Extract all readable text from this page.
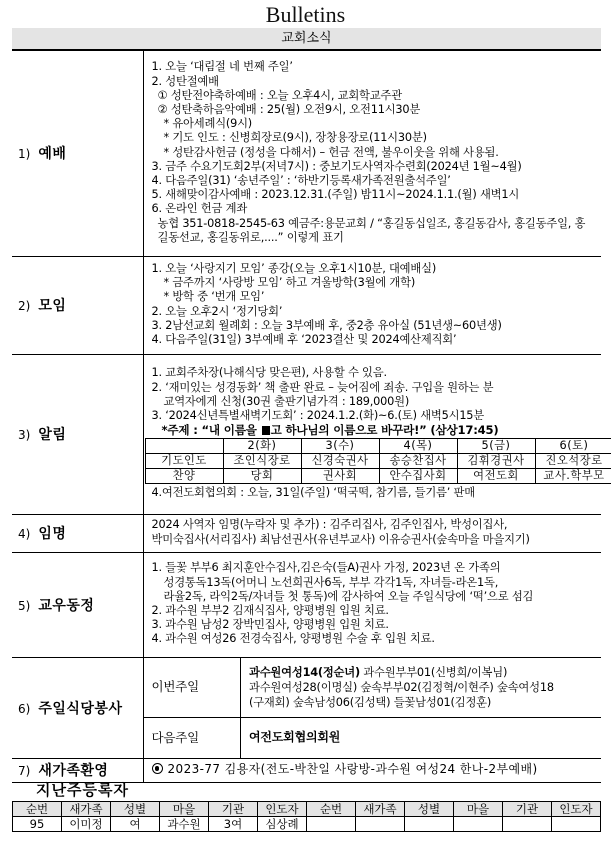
Bulletins
교회소식
1) 예배	
1. 오늘 ‘대림절 네 번째 주일’
2. 성탄절예배
① 성탄전야축하예배 : 오늘 오후4시, 교회학교주관
② 성탄축하음악예배 : 25(월) 오전9시, 오전11시30분
* 유아세례식(9시)
* 기도 인도 : 신병희장로(9시), 장창용장로(11시30분)
* 성탄감사헌금 (정성을 다해서) – 헌금 전액, 불우이웃을 위해 사용됨.
3. 금주 수요기도회2부(저녁7시) : 중보기도사역자수련회(2024년 1월~4월)
4. 다음주일(31) ‘송년주일’ : ‘하반기등록새가족전원출석주일’
5. 새해맞이감사예배 : 2023.12.31.(주일) 밤11시~2024.1.1.(월) 새벽1시
6. 온라인 헌금 계좌
농협 351-0818-2545-63 예금주:용문교회 / “홍길동십일조, 홍길동감사, 홍길동주일, 홍길동선교, 홍길동위로,....” 이렇게 표기

2) 모임	
1. 오늘 ‘사랑지기 모임’ 종강(오늘 오후1시10분, 대예배실)
* 금주까지 ‘사랑방 모임’ 하고 겨울방학(3월에 개학)
* 방학 중 ‘번개 모임’
2. 오늘 오후2시 ‘정기당회’
3. 2남선교회 월례회 : 오늘 3부예배 후, 중2층 유아실 (51년생~60년생)
4. 다음주일(31일) 3부예배 후 ‘2023결산 및 2024예산제직회’

3) 알림	
1. 교회주차장(나해식당 맞은편), 사용할 수 있음.
2. ‘재미있는 성경동화’ 책 출판 완료 – 늦어짐에 죄송. 구입을 원하는 분
교역자에게 신청(30권 출판기념가격 : 189,000원)
3. ‘2024신년특별새벽기도회’ : 2024.1.2.(화)~6.(토) 새벽5시15분
*주제 : “내 이름을 고 하나님의 이름으로 바꾸라!” (삼상17:45)
	2(화)	3(수)	4(목)	5(금)	6(토)
기도인도	조인식장로	신경숙권사	송승찬집사	김휘경권사	진오석장로
찬양	당회	권사회	안수집사회	여전도회	교사.학부모
4.여전도회협의회 : 오늘, 31일(주일) ‘떡국떡, 참기름, 들기름’ 판매

4) 임명	
2024 사역자 임명(누락자 및 추가) : 김주리집사, 김주인집사, 박성이집사,
박미숙집사(서리집사) 최남선권사(유년부교사) 이유승권사(숲속마을 마을지기)

5) 교우동정	
1. 들꽃 부부6 최지훈안수집사,김은숙(들A)권사 가정, 2023년 온 가족의
성경통독13독(어머니 노선희권사6독, 부부 각각1독, 자녀들-라온1독,
라율2독, 라익2독/자녀들 첫 통독)에 감사하여 오늘 주일식당에 ‘떡’으로 섬김
2. 과수원 부부2 김재식집사, 양평병원 입원 치료.
3. 과수원 남성2 장박민집사, 양평병원 입원 치료.
4. 과수원 여성26 전경숙집사, 양평병원 수술 후 입원 치료.

6) 주일식당봉사	
이번주일	
과수원여성14(정순녀) 과수원부부01(신병희/이복님)
과수원여성28(이명실) 숲속부부02(김정혁/이현주) 숲속여성18
(구재회) 숲속남성06(김성택) 들꽃남성01(김정훈)

다음주일	여전도회협의회원

7) 새가족환영	2023-77 김용자(전도-박찬일 사랑방-과수원 여성24 한나-2부예배)
지난주등록자
순번	새가족	성별	마을	기관	인도자	순번	새가족	성별	마을	기관	인도자
95	이미정	여	과수원	3여	심상례						
